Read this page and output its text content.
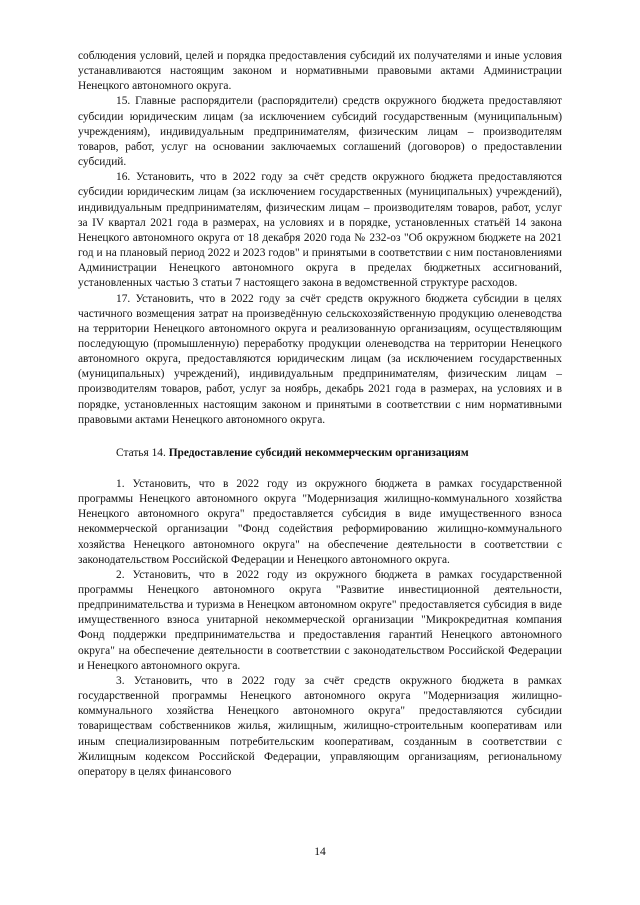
соблюдения условий, целей и порядка предоставления субсидий их получателями и иные условия устанавливаются настоящим законом и нормативными правовыми актами Администрации Ненецкого автономного округа.

15. Главные распорядители (распорядители) средств окружного бюджета предоставляют субсидии юридическим лицам (за исключением субсидий государственным (муниципальным) учреждениям), индивидуальным предпринимателям, физическим лицам – производителям товаров, работ, услуг на основании заключаемых соглашений (договоров) о предоставлении субсидий.

16. Установить, что в 2022 году за счёт средств окружного бюджета предоставляются субсидии юридическим лицам (за исключением государственных (муниципальных) учреждений), индивидуальным предпринимателям, физическим лицам – производителям товаров, работ, услуг за IV квартал 2021 года в размерах, на условиях и в порядке, установленных статьёй 14 закона Ненецкого автономного округа от 18 декабря 2020 года № 232-оз "Об окружном бюджете на 2021 год и на плановый период 2022 и 2023 годов" и принятыми в соответствии с ним постановлениями Администрации Ненецкого автономного округа в пределах бюджетных ассигнований, установленных частью 3 статьи 7 настоящего закона в ведомственной структуре расходов.

17. Установить, что в 2022 году за счёт средств окружного бюджета субсидии в целях частичного возмещения затрат на произведённую сельскохозяйственную продукцию оленеводства на территории Ненецкого автономного округа и реализованную организациям, осуществляющим последующую (промышленную) переработку продукции оленеводства на территории Ненецкого автономного округа, предоставляются юридическим лицам (за исключением государственных (муниципальных) учреждений), индивидуальным предпринимателям, физическим лицам – производителям товаров, работ, услуг за ноябрь, декабрь 2021 года в размерах, на условиях и в порядке, установленных настоящим законом и принятыми в соответствии с ним нормативными правовыми актами Ненецкого автономного округа.

Статья 14. Предоставление субсидий некоммерческим организациям

1. Установить, что в 2022 году из окружного бюджета в рамках государственной программы Ненецкого автономного округа "Модернизация жилищно-коммунального хозяйства Ненецкого автономного округа" предоставляется субсидия в виде имущественного взноса некоммерческой организации "Фонд содействия реформированию жилищно-коммунального хозяйства Ненецкого автономного округа" на обеспечение деятельности в соответствии с законодательством Российской Федерации и Ненецкого автономного округа.

2. Установить, что в 2022 году из окружного бюджета в рамках государственной программы Ненецкого автономного округа "Развитие инвестиционной деятельности, предпринимательства и туризма в Ненецком автономном округе" предоставляется субсидия в виде имущественного взноса унитарной некоммерческой организации "Микрокредитная компания Фонд поддержки предпринимательства и предоставления гарантий Ненецкого автономного округа" на обеспечение деятельности в соответствии с законодательством Российской Федерации и Ненецкого автономного округа.

3. Установить, что в 2022 году за счёт средств окружного бюджета в рамках государственной программы Ненецкого автономного округа "Модернизация жилищно-коммунального хозяйства Ненецкого автономного округа" предоставляются субсидии товариществам собственников жилья, жилищным, жилищно-строительным кооперативам или иным специализированным потребительским кооперативам, созданным в соответствии с Жилищным кодексом Российской Федерации, управляющим организациям, региональному оператору в целях финансового

14
